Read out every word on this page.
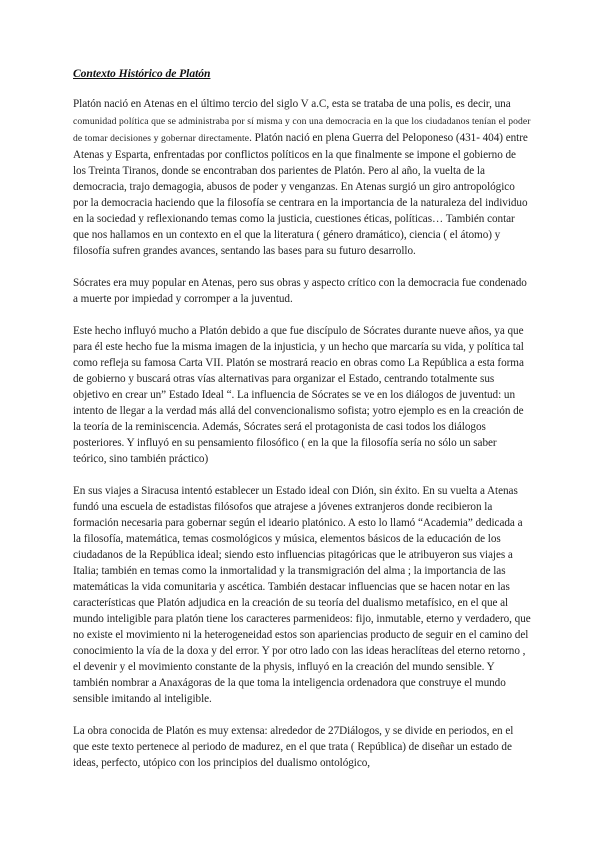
Contexto Histórico de Platón

Platón nació en Atenas en el último tercio del siglo V a.C, esta se trataba de una polis, es decir, una comunidad política que se administraba por sí misma y con una democracia en la que los ciudadanos tenían el poder de tomar decisiones y gobernar directamente. Platón nació en plena Guerra del Peloponeso (431- 404) entre Atenas y Esparta, enfrentadas por conflictos políticos en la que finalmente se impone el gobierno de los Treinta Tiranos, donde se encontraban dos parientes de Platón. Pero al año, la vuelta de la democracia, trajo demagogia, abusos de poder y venganzas. En Atenas surgió un giro antropológico por la democracia haciendo que la filosofía se centrara en la importancia de la naturaleza del individuo en la sociedad y reflexionando temas como la justicia, cuestiones éticas, políticas… También contar que nos hallamos en un contexto en el que la literatura ( género dramático), ciencia ( el átomo) y filosofía sufren grandes avances, sentando las bases para su futuro desarrollo.

Sócrates era muy popular en Atenas, pero sus obras y aspecto crítico con la democracia fue condenado a muerte por impiedad y corromper a la juventud.

Este hecho influyó mucho a Platón debido a que fue discípulo de Sócrates durante nueve años, ya que para él este hecho fue la misma imagen de la injusticia, y un hecho que marcaría su vida, y política tal como refleja su famosa Carta VII. Platón se mostrará reacio en obras como La República a esta forma de gobierno y buscará otras vías alternativas para organizar el Estado, centrando totalmente sus objetivo en crear un” Estado Ideal “. La influencia de Sócrates se ve en los diálogos de juventud: un intento de llegar a la verdad más allá del convencionalismo sofista; yotro ejemplo es en la creación de la teoría de la reminiscencia. Además, Sócrates será el protagonista de casi todos los diálogos posteriores. Y influyó en su pensamiento filosófico ( en la que la filosofía sería no sólo un saber teórico, sino también práctico)

En sus viajes a Siracusa intentó establecer un Estado ideal con Dión, sin éxito. En su vuelta a Atenas fundó una escuela de estadistas filósofos que atrajese a jóvenes extranjeros donde recibieron la formación necesaria para gobernar según el ideario platónico. A esto lo llamó “Academia” dedicada a la filosofía, matemática, temas cosmológicos y música, elementos básicos de la educación de los ciudadanos de la República ideal; siendo esto influencias pitagóricas que le atribuyeron sus viajes a Italia; también en temas como la inmortalidad y la transmigración del alma ; la importancia de las matemáticas la vida comunitaria y ascética. También destacar influencias que se hacen notar en las características que Platón adjudica en la creación de su teoría del dualismo metafísico, en el que al mundo inteligible para platón tiene los caracteres parmenideos: fijo, inmutable, eterno y verdadero, que no existe el movimiento ni la heterogeneidad estos son apariencias producto de seguir en el camino del conocimiento la vía de la doxa y del error. Y por otro lado con las ideas heraclíteas del eterno retorno , el devenir y el movimiento constante de la physis, influyó en la creación del mundo sensible. Y también nombrar a Anaxágoras de la que toma la inteligencia ordenadora que construye el mundo sensible imitando al inteligible.

La obra conocida de Platón es muy extensa: alrededor de 27Diálogos, y se divide en periodos, en el que este texto pertenece al periodo de madurez, en el que trata ( República) de diseñar un estado de ideas, perfecto, utópico con los principios del dualismo ontológico,
